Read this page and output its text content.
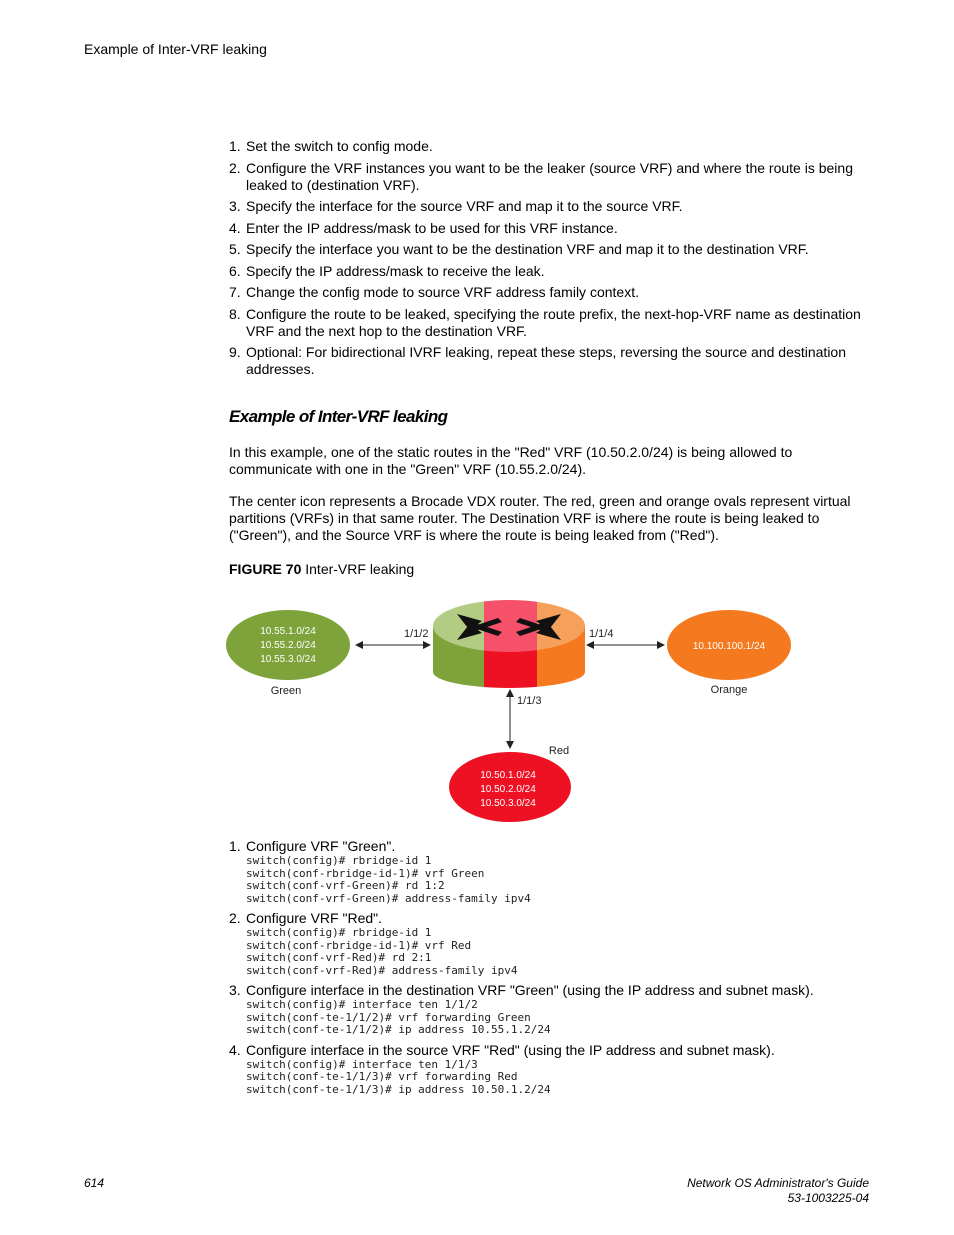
Example of Inter-VRF leaking
1. Set the switch to config mode.
2. Configure the VRF instances you want to be the leaker (source VRF) and where the route is being leaked to (destination VRF).
3. Specify the interface for the source VRF and map it to the source VRF.
4. Enter the IP address/mask to be used for this VRF instance.
5. Specify the interface you want to be the destination VRF and map it to the destination VRF.
6. Specify the IP address/mask to receive the leak.
7. Change the config mode to source VRF address family context.
8. Configure the route to be leaked, specifying the route prefix, the next-hop-VRF name as destination VRF and the next hop to the destination VRF.
9. Optional: For bidirectional IVRF leaking, repeat these steps, reversing the source and destination addresses.
Example of Inter-VRF leaking

In this example, one of the static routes in the "Red" VRF (10.50.2.0/24) is being allowed to communicate with one in the "Green" VRF (10.55.2.0/24).

The center icon represents a Brocade VDX router. The red, green and orange ovals represent virtual partitions (VRFs) in that same router. The Destination VRF is where the route is being leaked to ("Green"), and the Source VRF is where the route is being leaked from ("Red").

FIGURE 70 Inter-VRF leaking
10.55.1.0/24
10.55.2.0/24
10.55.3.0/24
Green
10.100.100.1/24
Orange
Red
10.50.1.0/24
10.50.2.0/24
10.50.3.0/24
1/1/2	1/1/4
1/1/3
1. Configure VRF "Green".
switch(config)# rbridge-id 1
switch(conf-rbridge-id-1)# vrf Green
switch(conf-vrf-Green)# rd 1:2
switch(conf-vrf-Green)# address-family ipv4
2. Configure VRF "Red".
switch(config)# rbridge-id 1
switch(conf-rbridge-id-1)# vrf Red
switch(conf-vrf-Red)# rd 2:1
switch(conf-vrf-Red)# address-family ipv4
3. Configure interface in the destination VRF "Green" (using the IP address and subnet mask).
switch(config)# interface ten 1/1/2
switch(conf-te-1/1/2)# vrf forwarding Green
switch(conf-te-1/1/2)# ip address 10.55.1.2/24
4. Configure interface in the source VRF "Red" (using the IP address and subnet mask).
switch(config)# interface ten 1/1/3
switch(conf-te-1/1/3)# vrf forwarding Red
switch(conf-te-1/1/3)# ip address 10.50.1.2/24
614	Network OS Administrator's Guide
53-1003225-04
